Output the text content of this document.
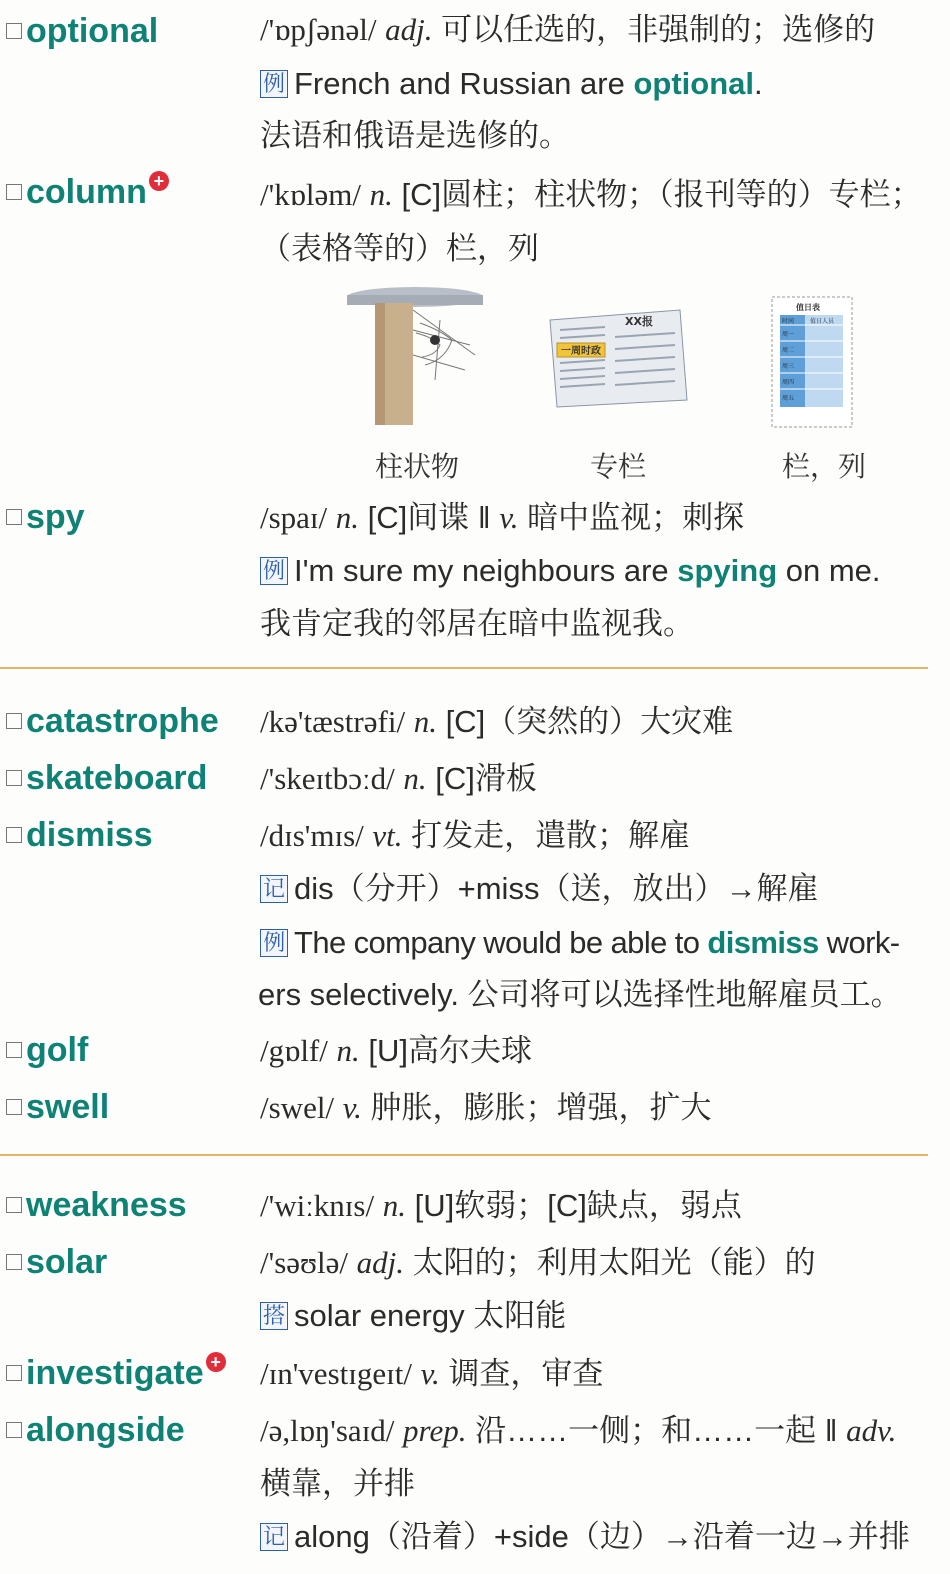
optional	/'ɒpʃənəl/ adj. 可以任选的，非强制的；选修的
例 French and Russian are optional.
法语和俄语是选修的。
column +	/'kɒləm/ n. [C]圆柱；柱状物；（报刊等的）专栏；
（表格等的）栏，列
一周时政
XX报
值日表
时间	值日人员
周一
周二
周三
周四
周五
柱状物	专栏	栏，列
spy	/spaɪ/ n. [C]间谍 ‖ v. 暗中监视；刺探
例 I'm sure my neighbours are spying on me.
我肯定我的邻居在暗中监视我。
catastrophe /kə'tæstrəfi/ n. [C]（突然的）大灾难
skateboard /'skeɪtbɔːd/ n. [C]滑板
dismiss	/dɪs'mɪs/ vt. 打发走，遣散；解雇
记 dis（分开）+miss（送，放出）→解雇
例 The company would be able to dismiss work-
ers selectively. 公司将可以选择性地解雇员工。
golf	/gɒlf/ n. [U]高尔夫球
swell	/swel/ v. 肿胀，膨胀；增强，扩大
weakness /'wiːknɪs/ n. [U]软弱；[C]缺点，弱点
solar	/'səʊlə/ adj. 太阳的；利用太阳光（能）的
搭 solar energy 太阳能
investigate + /ɪn'vestɪgeɪt/ v. 调查，审查
alongside /ə,lɒŋ'saɪd/ prep. 沿……一侧；和……一起 ‖ adv.
横靠，并排
记 along（沿着）+side（边）→沿着一边→并排
